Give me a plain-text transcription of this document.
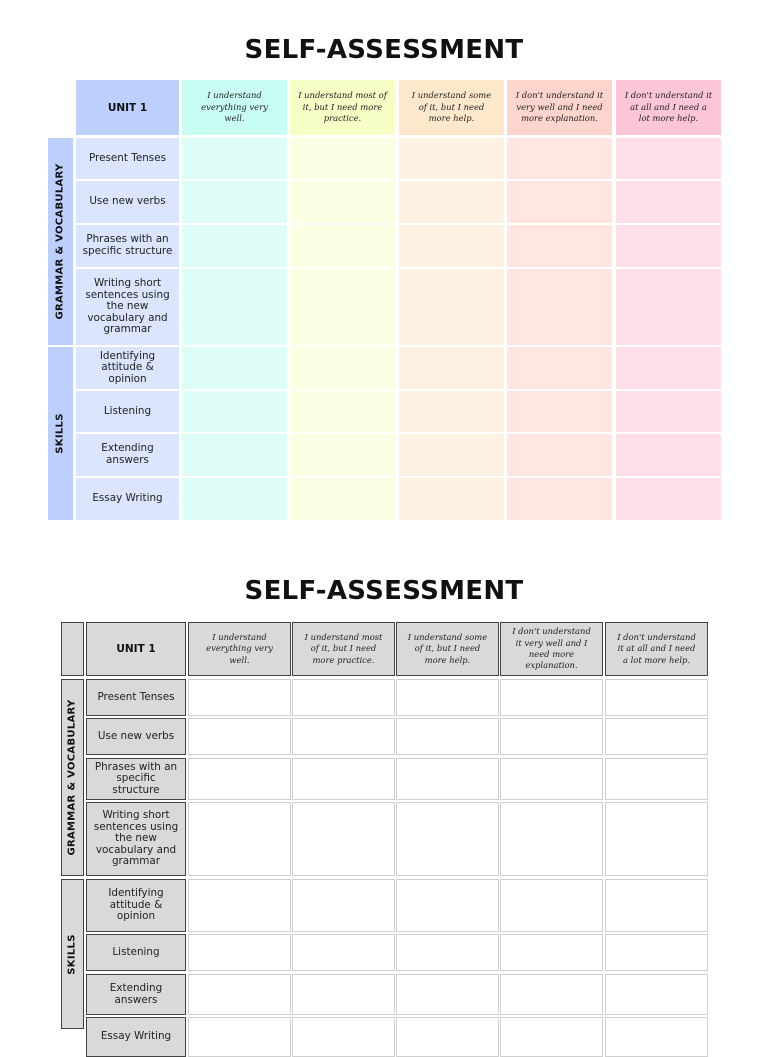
SELF-ASSESSMENT
SELF-ASSESSMENT
UNIT 1
I understand everything very well.
I understand most of it, but I need more practice.
I understand some of it, but I need more help.
I don't understand it very well and I need more explanation.
I don't understand it at all and I need a lot more help.
GRAMMAR & VOCABULARY
SKILLS
Present Tenses
Use new verbs
Phrases with an specific structure
Writing short sentences using the new vocabulary and grammar
Identifying attitude & opinion
Listening
Extending answers
Essay Writing
UNIT 1
I understand everything very well.
I understand most of it, but I need more practice.
I understand some of it, but I need more help.
I don't understand it very well and I need more explanation.
I don't understand it at all and I need a lot more help.
GRAMMAR & VOCABULARY
SKILLS
Present Tenses
Use new verbs
Phrases with an specific structure
Writing short sentences using the new vocabulary and grammar
Identifying attitude & opinion
Listening
Extending answers
Essay Writing
